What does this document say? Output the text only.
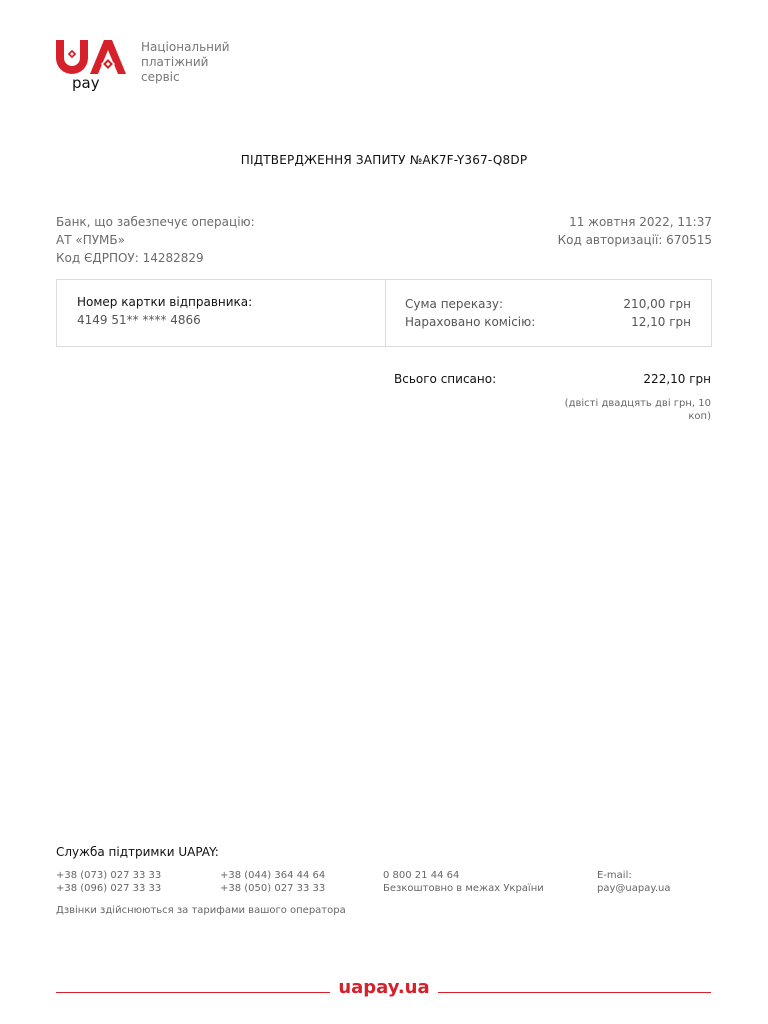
pay
Національний
платіжний
сервіс
ПІДТВЕРДЖЕННЯ ЗАПИТУ №AK7F-Y367-Q8DP
Банк, що забезпечує операцію:
АТ «ПУМБ»
Код ЄДРПОУ: 14282829
11 жовтня 2022, 11:37
Код авторизації: 670515
Номер картки відправника:
4149 51** **** 4866
Сума переказу:
Нараховано комісію:
210,00 грн
12,10 грн
Всього списано:	222,10 грн
(двісті двадцять дві грн, 10
коп)
Служба підтримки UAPAY:
+38 (073) 027 33 33
+38 (096) 027 33 33
+38 (044) 364 44 64
+38 (050) 027 33 33
0 800 21 44 64
Безкоштовно в межах України
E-mail:
pay@uapay.ua
Дзвінки здійснюються за тарифами вашого оператора
uapay.ua
